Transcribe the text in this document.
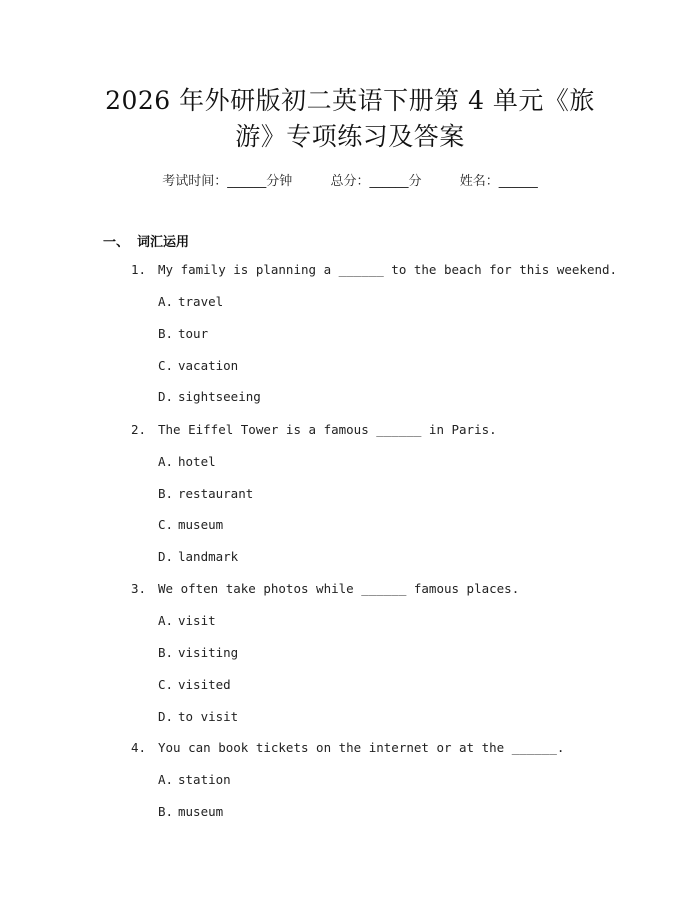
2026 年外研版初二英语下册第 4 单元《旅
游》专项练习及答案
考试时间：______分钟	总分：______分	姓名：______
一、 词汇运用
1. My family is planning a ______ to the beach for this weekend.
A. travel
B. tour
C. vacation
D. sightseeing
2. The Eiffel Tower is a famous ______ in Paris.
A. hotel
B. restaurant
C. museum
D. landmark
3. We often take photos while ______ famous places.
A. visit
B. visiting
C. visited
D. to visit
4. You can book tickets on the internet or at the ______.
A. station
B. museum
